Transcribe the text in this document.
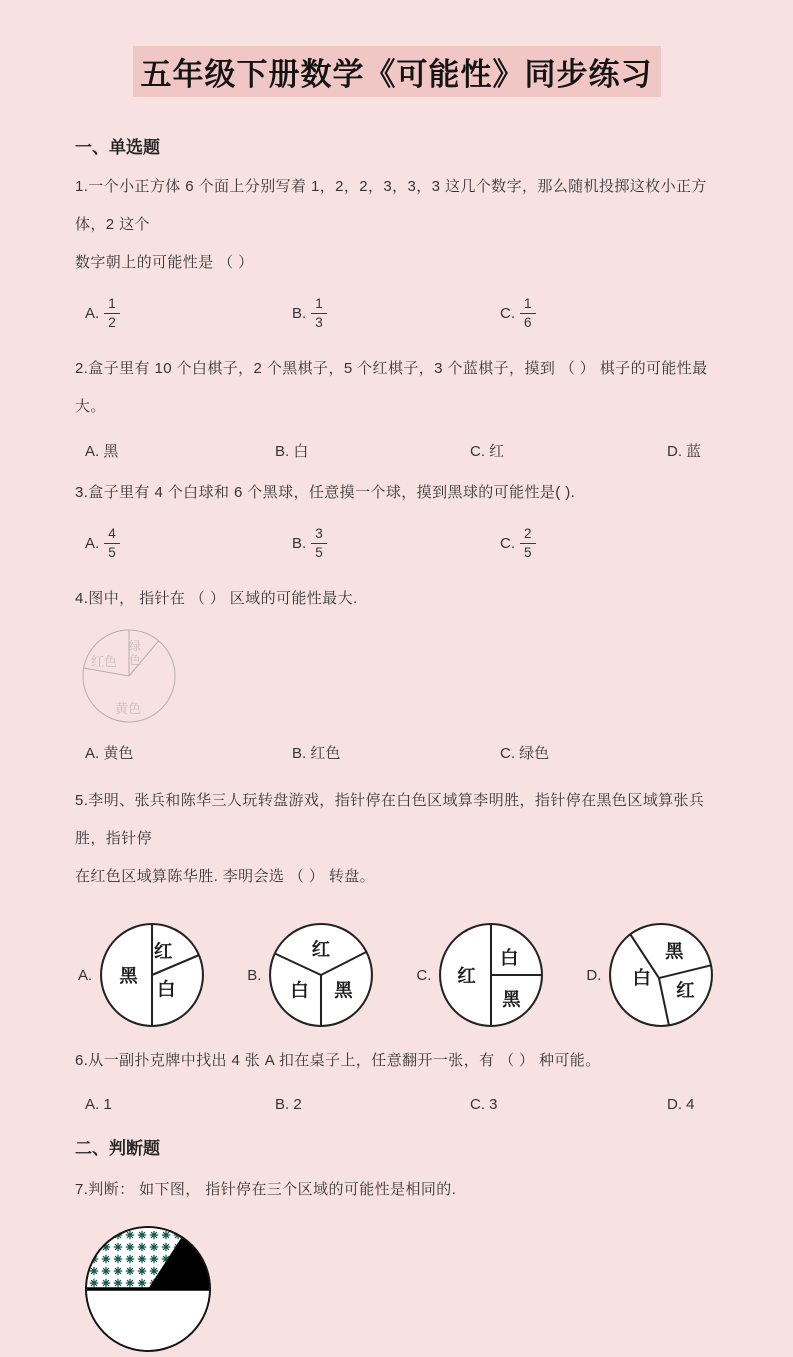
五年级下册数学《可能性》同步练习
一、单选题
1.一个小正方体 6 个面上分别写着 1，2，2，3，3，3 这几个数字，那么随机投掷这枚小正方体，2 这个
数字朝上的可能性是 （ ）
A. $\frac{1}{2}$	B. $\frac{1}{3}$	C. $\frac{1}{6}$
2.盒子里有 10 个白棋子，2 个黑棋子，5 个红棋子，3 个蓝棋子，摸到 （ ） 棋子的可能性最大。
A. 黑	B. 白	C. 红	D. 蓝
3.盒子里有 4 个白球和 6 个黑球，任意摸一个球，摸到黑球的可能性是( ).
A. $\frac{4}{5}$	B. $\frac{3}{5}$	C. $\frac{2}{5}$
4.图中， 指针在 （ ） 区域的可能性最大.
红色
绿
色
黄色
A. 黄色	B. 红色	C. 绿色
5.李明、张兵和陈华三人玩转盘游戏，指针停在白色区域算李明胜，指针停在黑色区域算张兵胜，指针停
在红色区域算陈华胜. 李明会选 （ ） 转盘。
A. 黑
红
白
B.
红
白 黑
C. 红
白
黑
D. 白
黑
红
6.从一副扑克牌中找出 4 张 A 扣在桌子上，任意翻开一张，有 （ ） 种可能。
A. 1	B. 2	C. 3	D. 4
二、判断题
7.判断： 如下图， 指针停在三个区域的可能性是相同的.
